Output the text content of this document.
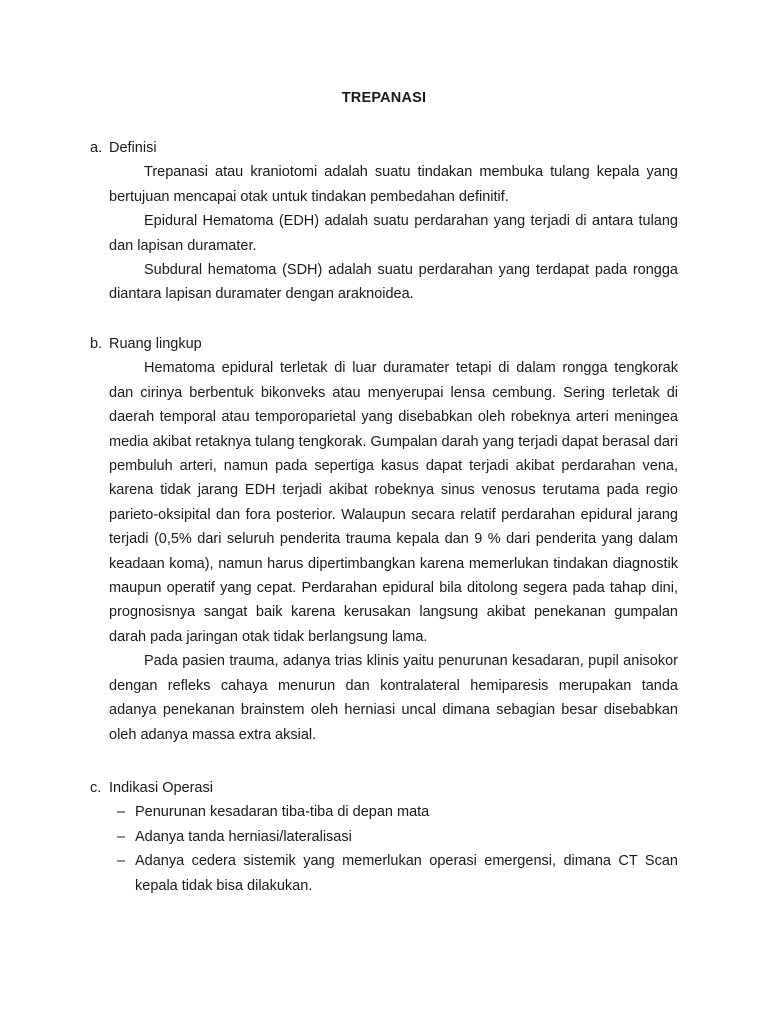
TREPANASI
a. Definisi

Trepanasi atau kraniotomi adalah suatu tindakan membuka tulang kepala yang bertujuan mencapai otak untuk tindakan pembedahan definitif.

Epidural Hematoma (EDH) adalah suatu perdarahan yang terjadi di antara tulang dan lapisan duramater.

Subdural hematoma (SDH) adalah suatu perdarahan yang terdapat pada rongga diantara lapisan duramater dengan araknoidea.

b. Ruang lingkup

Hematoma epidural terletak di luar duramater tetapi di dalam rongga tengkorak dan cirinya berbentuk bikonveks atau menyerupai lensa cembung. Sering terletak di daerah temporal atau temporoparietal yang disebabkan oleh robeknya arteri meningea media akibat retaknya tulang tengkorak. Gumpalan darah yang terjadi dapat berasal dari pembuluh arteri, namun pada sepertiga kasus dapat terjadi akibat perdarahan vena, karena tidak jarang EDH terjadi akibat robeknya sinus venosus terutama pada regio parieto-oksipital dan fora posterior. Walaupun secara relatif perdarahan epidural jarang terjadi (0,5% dari seluruh penderita trauma kepala dan 9 % dari penderita yang dalam keadaan koma), namun harus dipertimbangkan karena memerlukan tindakan diagnostik maupun operatif yang cepat. Perdarahan epidural bila ditolong segera pada tahap dini, prognosisnya sangat baik karena kerusakan langsung akibat penekanan gumpalan darah pada jaringan otak tidak berlangsung lama.

Pada pasien trauma, adanya trias klinis yaitu penurunan kesadaran, pupil anisokor dengan refleks cahaya menurun dan kontralateral hemiparesis merupakan tanda adanya penekanan brainstem oleh herniasi uncal dimana sebagian besar disebabkan oleh adanya massa extra aksial.

c. Indikasi Operasi
– Penurunan kesadaran tiba-tiba di depan mata
– Adanya tanda herniasi/lateralisasi
– Adanya cedera sistemik yang memerlukan operasi emergensi, dimana CT Scan kepala tidak bisa dilakukan.
